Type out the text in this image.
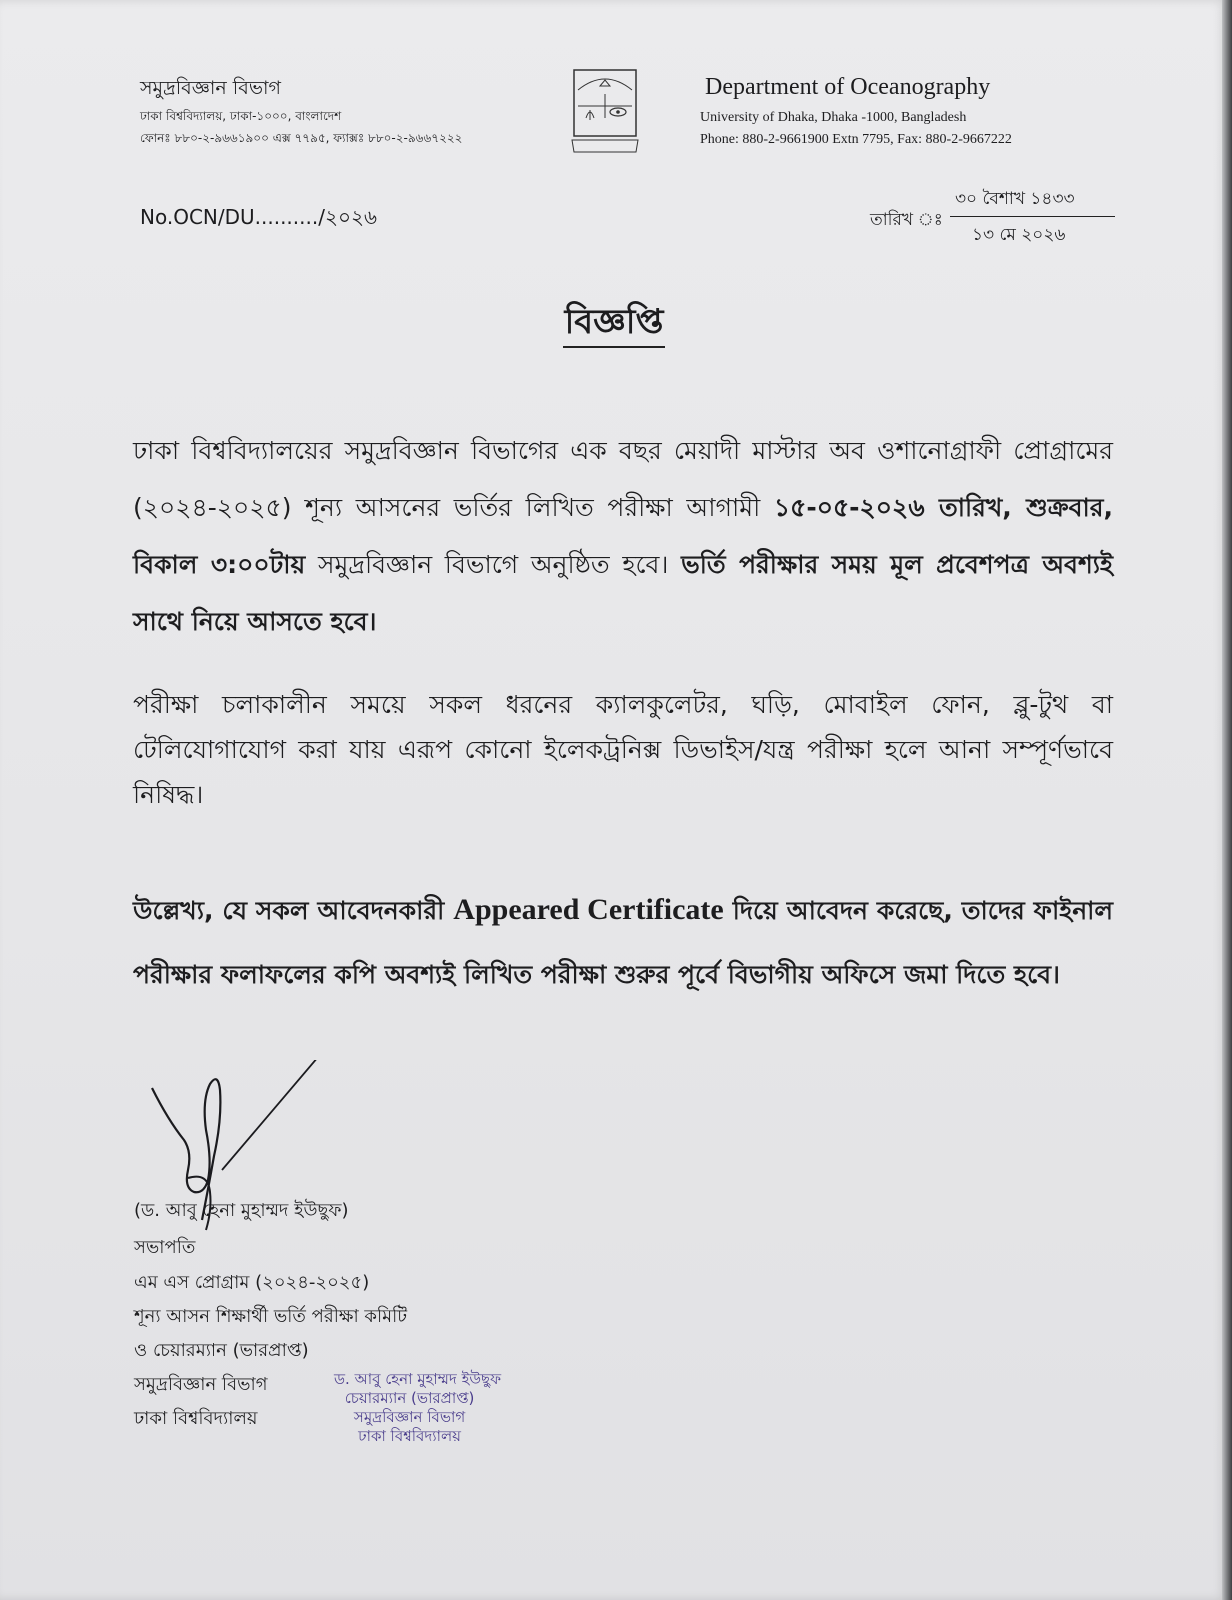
সমুদ্রবিজ্ঞান বিভাগ
ঢাকা বিশ্ববিদ্যালয়, ঢাকা-১০০০, বাংলাদেশ
ফোনঃ ৮৮০-২-৯৬৬১৯০০ এক্স ৭৭৯৫, ফ্যাক্সঃ ৮৮০-২-৯৬৬৭২২২
Department of Oceanography
University of Dhaka, Dhaka -1000, Bangladesh
Phone: 880-2-9661900 Extn 7795, Fax: 880-2-9667222
No.OCN/DU........../২০২৬	তারিখ ঃ
৩০ বৈশাখ ১৪৩৩
১৩ মে ২০২৬
বিজ্ঞপ্তি
ঢাকা বিশ্ববিদ্যালয়ের সমুদ্রবিজ্ঞান বিভাগের এক বছর মেয়াদী মাস্টার অব ওশানোগ্রাফী প্রোগ্রামের (২০২৪-২০২৫) শূন্য আসনের ভর্তির লিখিত পরীক্ষা আগামী ১৫-০৫-২০২৬ তারিখ, শুক্রবার, বিকাল ৩:০০টায় সমুদ্রবিজ্ঞান বিভাগে অনুষ্ঠিত হবে। ভর্তি পরীক্ষার সময় মূল প্রবেশপত্র অবশ্যই সাথে নিয়ে আসতে হবে।
পরীক্ষা চলাকালীন সময়ে সকল ধরনের ক্যালকুলেটর, ঘড়ি, মোবাইল ফোন, ব্লু-টুথ বা টেলিযোগাযোগ করা যায় এরূপ কোনো ইলেকট্রনিক্স ডিভাইস/যন্ত্র পরীক্ষা হলে আনা সম্পূর্ণভাবে নিষিদ্ধ।
উল্লেখ্য, যে সকল আবেদনকারী Appeared Certificate দিয়ে আবেদন করেছে, তাদের ফাইনাল পরীক্ষার ফলাফলের কপি অবশ্যই লিখিত পরীক্ষা শুরুর পূর্বে বিভাগীয় অফিসে জমা দিতে হবে।
(ড. আবু হেনা মুহাম্মদ ইউছুফ)
সভাপতি
এম এস প্রোগ্রাম (২০২৪-২০২৫)
শূন্য আসন শিক্ষার্থী ভর্তি পরীক্ষা কমিটি
ও চেয়ারম্যান (ভারপ্রাপ্ত)
সমুদ্রবিজ্ঞান বিভাগ
ঢাকা বিশ্ববিদ্যালয়
ড. আবু হেনা মুহাম্মদ ইউছুফ
চেয়ারম্যান (ভারপ্রাপ্ত)
সমুদ্রবিজ্ঞান বিভাগ
ঢাকা বিশ্ববিদ্যালয়
